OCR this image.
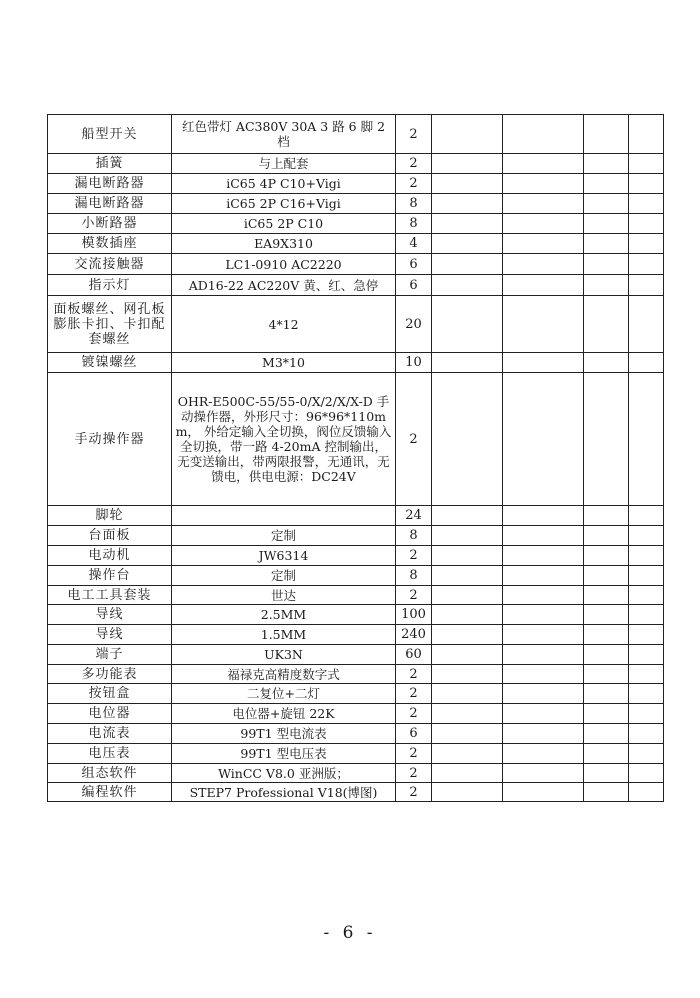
船型开关	红色带灯 AC380V 30A 3 路 6 脚 2 档	2				
插簧	与上配套	2				
漏电断路器	iC65 4P C10+Vigi	2				
漏电断路器	iC65 2P C16+Vigi	8				
小断路器	iC65 2P C10	8				
模数插座	EA9X310	4				
交流接触器	LC1-0910 AC2220	6				
指示灯	AD16-22 AC220V 黄、红、急停	6				
面板螺丝、网孔板膨胀卡扣、卡扣配套螺丝	4*12	20				
镀镍螺丝	M3*10	10				
手动操作器	OHR-E500C-55/55-0/X/2/X/X-D 手动操作器，外形尺寸：96*96*110mm， 外给定输入全切换，阀位反馈输入全切换，带一路 4-20mA 控制输出，无变送输出，带两限报警，无通讯，无馈电，供电电源：DC24V	2				
脚轮		24				
台面板	定制	8				
电动机	JW6314	2				
操作台	定制	8				
电工工具套装	世达	2				
导线	2.5MM	100				
导线	1.5MM	240				
端子	UK3N	60				
多功能表	福禄克高精度数字式	2				
按钮盒	二复位+二灯	2				
电位器	电位器+旋钮 22K	2				
电流表	99T1 型电流表	6				
电压表	99T1 型电压表	2				
组态软件	WinCC V8.0 亚洲版；	2				
编程软件	STEP7 Professional V18(博图)	2				
- 6 -
